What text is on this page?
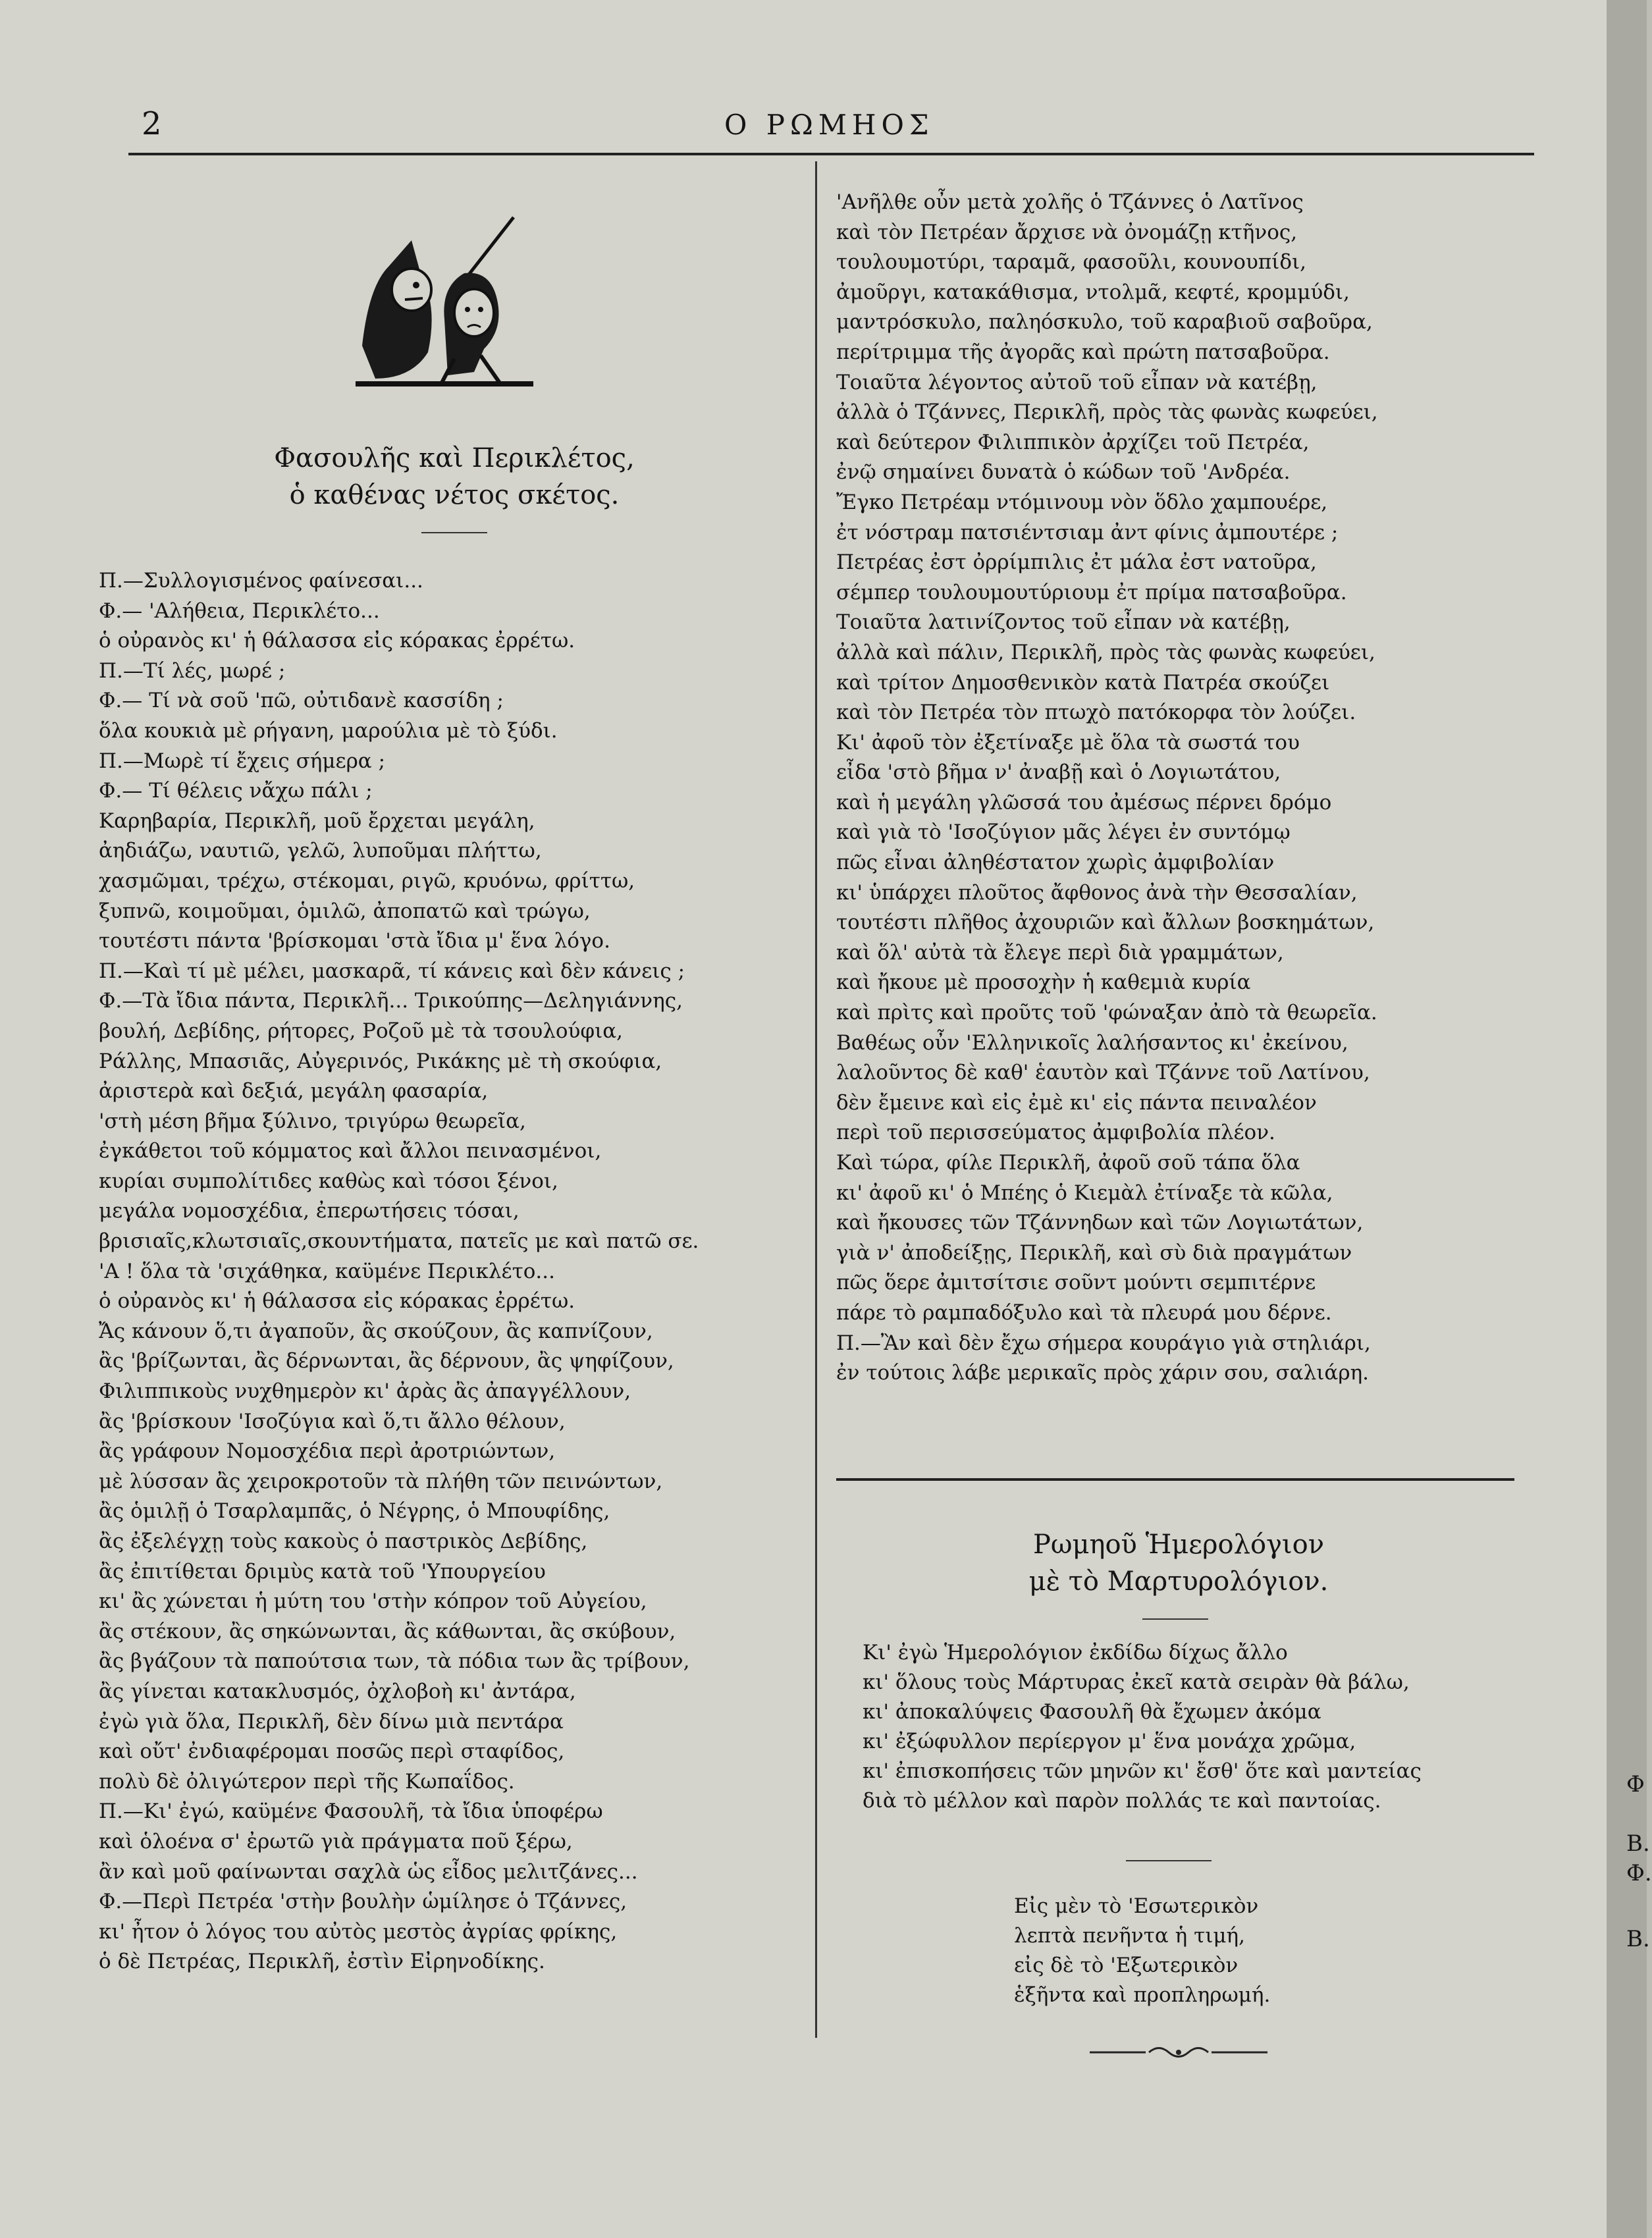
Φ
Β.
Φ.
Β.
2	Ο ΡΩΜΗΟΣ

Φασουλῆς καὶ Περικλέτος,

ὁ καθένας νέτος σκέτος.

Π.—Συλλογισμένος φαίνεσαι...

Φ.— 'Αλήθεια, Περικλέτο...

ὁ οὐρανὸς κι' ἡ θάλασσα εἰς κόρακας ἐρρέτω.

Π.—Τί λές, μωρέ ;

Φ.— Τί νὰ σοῦ 'πῶ, οὐτιδανὲ κασσίδη ;

ὅλα κουκιὰ μὲ ρήγανη, μαρούλια μὲ τὸ ξύδι.

Π.—Μωρὲ τί ἔχεις σήμερα ;

Φ.— Τί θέλεις νἄχω πάλι ;

Καρηβαρία, Περικλῆ, μοῦ ἔρχεται μεγάλη,

ἀηδιάζω, ναυτιῶ, γελῶ, λυποῦμαι πλήττω,

χασμῶμαι, τρέχω, στέκομαι, ριγῶ, κρυόνω, φρίττω,

ξυπνῶ, κοιμοῦμαι, ὁμιλῶ, ἀποπατῶ καὶ τρώγω,

τουτέστι πάντα 'βρίσκομαι 'στὰ ἴδια μ' ἕνα λόγο.

Π.—Καὶ τί μὲ μέλει, μασκαρᾶ, τί κάνεις καὶ δὲν κάνεις ;

Φ.—Τὰ ἴδια πάντα, Περικλῆ... Τρικούπης—Δεληγιάννης,

βουλή, Δεβίδης, ρήτορες, Ροζοῦ μὲ τὰ τσουλούφια,

Ράλλης, Μπασιᾶς, Αὐγερινός, Ρικάκης μὲ τὴ σκούφια,

ἀριστερὰ καὶ δεξιά, μεγάλη φασαρία,

'στὴ μέση βῆμα ξύλινο, τριγύρω θεωρεῖα,

ἐγκάθετοι τοῦ κόμματος καὶ ἄλλοι πεινασμένοι,

κυρίαι συμπολίτιδες καθὼς καὶ τόσοι ξένοι,

μεγάλα νομοσχέδια, ἐπερωτήσεις τόσαι,

βρισιαῖς,κλωτσιαῖς,σκουντήματα, πατεῖς με καὶ πατῶ σε.

'Α ! ὅλα τὰ 'σιχάθηκα, καϋμένε Περικλέτο...

ὁ οὐρανὸς κι' ἡ θάλασσα εἰς κόρακας ἐρρέτω.

Ἄς κάνουν ὅ,τι ἀγαποῦν, ἂς σκούζουν, ἂς καπνίζουν,

ἂς 'βρίζωνται, ἂς δέρνωνται, ἂς δέρνουν, ἂς ψηφίζουν,

Φιλιππικοὺς νυχθημερὸν κι' ἀρὰς ἂς ἀπαγγέλλουν,

ἂς 'βρίσκουν 'Ισοζύγια καὶ ὅ,τι ἄλλο θέλουν,

ἂς γράφουν Νομοσχέδια περὶ ἀροτριώντων,

μὲ λύσσαν ἂς χειροκροτοῦν τὰ πλήθη τῶν πεινώντων,

ἂς ὁμιλῇ ὁ Τσαρλαμπᾶς, ὁ Νέγρης, ὁ Μπουφίδης,

ἂς ἐξελέγχῃ τοὺς κακοὺς ὁ παστρικὸς Δεβίδης,

ἂς ἐπιτίθεται δριμὺς κατὰ τοῦ 'Υπουργείου

κι' ἂς χώνεται ἡ μύτη του 'στὴν κόπρον τοῦ Αὐγείου,

ἂς στέκουν, ἂς σηκώνωνται, ἂς κάθωνται, ἂς σκύβουν,

ἂς βγάζουν τὰ παπούτσια των, τὰ πόδια των ἂς τρίβουν,

ἂς γίνεται κατακλυσμός, ὀχλοβοὴ κι' ἀντάρα,

ἐγὼ γιὰ ὅλα, Περικλῆ, δὲν δίνω μιὰ πεντάρα

καὶ οὔτ' ἐνδιαφέρομαι ποσῶς περὶ σταφίδος,

πολὺ δὲ ὀλιγώτερον περὶ τῆς Κωπαΐδος.

Π.—Κι' ἐγώ, καϋμένε Φασουλῆ, τὰ ἴδια ὑποφέρω

καὶ ὁλοένα σ' ἐρωτῶ γιὰ πράγματα ποῦ ξέρω,

ἂν καὶ μοῦ φαίνωνται σαχλὰ ὡς εἶδος μελιτζάνες...

Φ.—Περὶ Πετρέα 'στὴν βουλὴν ὡμίλησε ὁ Τζάννες,

κι' ἦτον ὁ λόγος του αὐτὸς μεστὸς ἀγρίας φρίκης,

ὁ δὲ Πετρέας, Περικλῆ, ἐστὶν Εἰρηνοδίκης.

'Ανῆλθε οὖν μετὰ χολῆς ὁ Τζάννες ὁ Λατῖνος

καὶ τὸν Πετρέαν ἄρχισε νὰ ὀνομάζῃ κτῆνος,

τουλουμοτύρι, ταραμᾶ, φασοῦλι, κουνουπίδι,

ἀμοῦργι, κατακάθισμα, ντολμᾶ, κεφτέ, κρομμύδι,

μαντρόσκυλο, παληόσκυλο, τοῦ καραβιοῦ σαβοῦρα,

περίτριμμα τῆς ἀγορᾶς καὶ πρώτη πατσαβοῦρα.

Τοιαῦτα λέγοντος αὐτοῦ τοῦ εἶπαν νὰ κατέβῃ,

ἀλλὰ ὁ Τζάννες, Περικλῆ, πρὸς τὰς φωνὰς κωφεύει,

καὶ δεύτερον Φιλιππικὸν ἀρχίζει τοῦ Πετρέα,

ἐνῷ σημαίνει δυνατὰ ὁ κώδων τοῦ 'Ανδρέα.

Ἔγκο Πετρέαμ ντόμινουμ νὸν ὅδλο χαμπουέρε,

ἐτ νόστραμ πατσιέντσιαμ ἀντ φίνις ἀμπουτέρε ;

Πετρέας ἐστ ὀρρίμπιλις ἐτ μάλα ἐστ νατοῦρα,

σέμπερ τουλουμουτύριουμ ἐτ πρίμα πατσαβοῦρα.

Τοιαῦτα λατινίζοντος τοῦ εἶπαν νὰ κατέβῃ,

ἀλλὰ καὶ πάλιν, Περικλῆ, πρὸς τὰς φωνὰς κωφεύει,

καὶ τρίτον Δημοσθενικὸν κατὰ Πατρέα σκούζει

καὶ τὸν Πετρέα τὸν πτωχὸ πατόκορφα τὸν λούζει.

Κι' ἀφοῦ τὸν ἐξετίναξε μὲ ὅλα τὰ σωστά του

εἶδα 'στὸ βῆμα ν' ἀναβῇ καὶ ὁ Λογιωτάτου,

καὶ ἡ μεγάλη γλῶσσά του ἀμέσως πέρνει δρόμο

καὶ γιὰ τὸ 'Ισοζύγιον μᾶς λέγει ἐν συντόμῳ

πῶς εἶναι ἀληθέστατον χωρὶς ἀμφιβολίαν

κι' ὑπάρχει πλοῦτος ἄφθονος ἀνὰ τὴν Θεσσαλίαν,

τουτέστι πλῆθος ἀχουριῶν καὶ ἄλλων βοσκημάτων,

καὶ ὅλ' αὐτὰ τὰ ἔλεγε περὶ διὰ γραμμάτων,

καὶ ἤκουε μὲ προσοχὴν ἡ καθεμιὰ κυρία

καὶ πρὶτς καὶ προῦτς τοῦ 'φώναξαν ἀπὸ τὰ θεωρεῖα.

Βαθέως οὖν 'Ελληνικοῖς λαλήσαντος κι' ἐκείνου,

λαλοῦντος δὲ καθ' ἑαυτὸν καὶ Τζάννε τοῦ Λατίνου,

δὲν ἔμεινε καὶ εἰς ἐμὲ κι' εἰς πάντα πειναλέον

περὶ τοῦ περισσεύματος ἀμφιβολία πλέον.

Καὶ τώρα, φίλε Περικλῆ, ἀφοῦ σοῦ τάπα ὅλα

κι' ἀφοῦ κι' ὁ Μπέης ὁ Κιεμὰλ ἐτίναξε τὰ κῶλα,

καὶ ἤκουσες τῶν Τζάννηδων καὶ τῶν Λογιωτάτων,

γιὰ ν' ἀποδείξῃς, Περικλῆ, καὶ σὺ διὰ πραγμάτων

πῶς ὅερε ἀμιτσίτσιε σοῦντ μούντι σεμπιτέρνε

πάρε τὸ ραμπαδόξυλο καὶ τὰ πλευρά μου δέρνε.

Π.—Ἂν καὶ δὲν ἔχω σήμερα κουράγιο γιὰ στηλιάρι,

ἐν τούτοις λάβε μερικαῖς πρὸς χάριν σου, σαλιάρη.

Ρωμηοῦ Ἡμερολόγιον

μὲ τὸ Μαρτυρολόγιον.

Κι' ἐγὼ Ἡμερολόγιον ἐκδίδω δίχως ἄλλο

κι' ὅλους τοὺς Μάρτυρας ἐκεῖ κατὰ σειρὰν θὰ βάλω,

κι' ἀποκαλύψεις Φασουλῆ θὰ ἔχωμεν ἀκόμα

κι' ἐξώφυλλον περίεργον μ' ἕνα μονάχα χρῶμα,

κι' ἐπισκοπήσεις τῶν μηνῶν κι' ἔσθ' ὅτε καὶ μαντείας

διὰ τὸ μέλλον καὶ παρὸν πολλάς τε καὶ παντοίας.

Εἰς μὲν τὸ 'Εσωτερικὸν

λεπτὰ πενῆντα ἡ τιμή,

εἰς δὲ τὸ 'Εξωτερικὸν

ἑξῆντα καὶ προπληρωμή.
